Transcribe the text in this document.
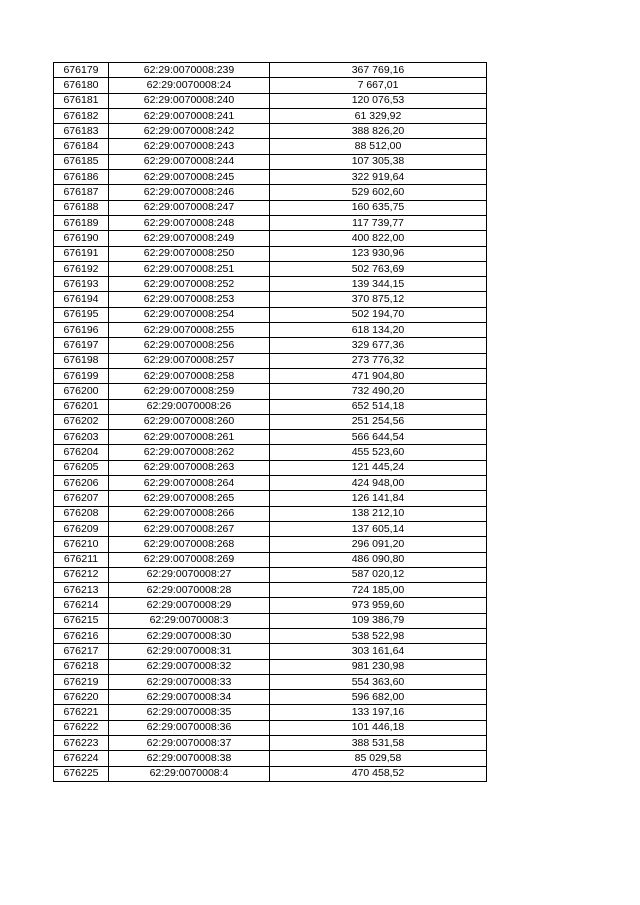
676179	62:29:0070008:239	367 769,16
676180	62:29:0070008:24	7 667,01
676181	62:29:0070008:240	120 076,53
676182	62:29:0070008:241	61 329,92
676183	62:29:0070008:242	388 826,20
676184	62:29:0070008:243	88 512,00
676185	62:29:0070008:244	107 305,38
676186	62:29:0070008:245	322 919,64
676187	62:29:0070008:246	529 602,60
676188	62:29:0070008:247	160 635,75
676189	62:29:0070008:248	117 739,77
676190	62:29:0070008:249	400 822,00
676191	62:29:0070008:250	123 930,96
676192	62:29:0070008:251	502 763,69
676193	62:29:0070008:252	139 344,15
676194	62:29:0070008:253	370 875,12
676195	62:29:0070008:254	502 194,70
676196	62:29:0070008:255	618 134,20
676197	62:29:0070008:256	329 677,36
676198	62:29:0070008:257	273 776,32
676199	62:29:0070008:258	471 904,80
676200	62:29:0070008:259	732 490,20
676201	62:29:0070008:26	652 514,18
676202	62:29:0070008:260	251 254,56
676203	62:29:0070008:261	566 644,54
676204	62:29:0070008:262	455 523,60
676205	62:29:0070008:263	121 445,24
676206	62:29:0070008:264	424 948,00
676207	62:29:0070008:265	126 141,84
676208	62:29:0070008:266	138 212,10
676209	62:29:0070008:267	137 605,14
676210	62:29:0070008:268	296 091,20
676211	62:29:0070008:269	486 090,80
676212	62:29:0070008:27	587 020,12
676213	62:29:0070008:28	724 185,00
676214	62:29:0070008:29	973 959,60
676215	62:29:0070008:3	109 386,79
676216	62:29:0070008:30	538 522,98
676217	62:29:0070008:31	303 161,64
676218	62:29:0070008:32	981 230,98
676219	62:29:0070008:33	554 363,60
676220	62:29:0070008:34	596 682,00
676221	62:29:0070008:35	133 197,16
676222	62:29:0070008:36	101 446,18
676223	62:29:0070008:37	388 531,58
676224	62:29:0070008:38	85 029,58
676225	62:29:0070008:4	470 458,52
